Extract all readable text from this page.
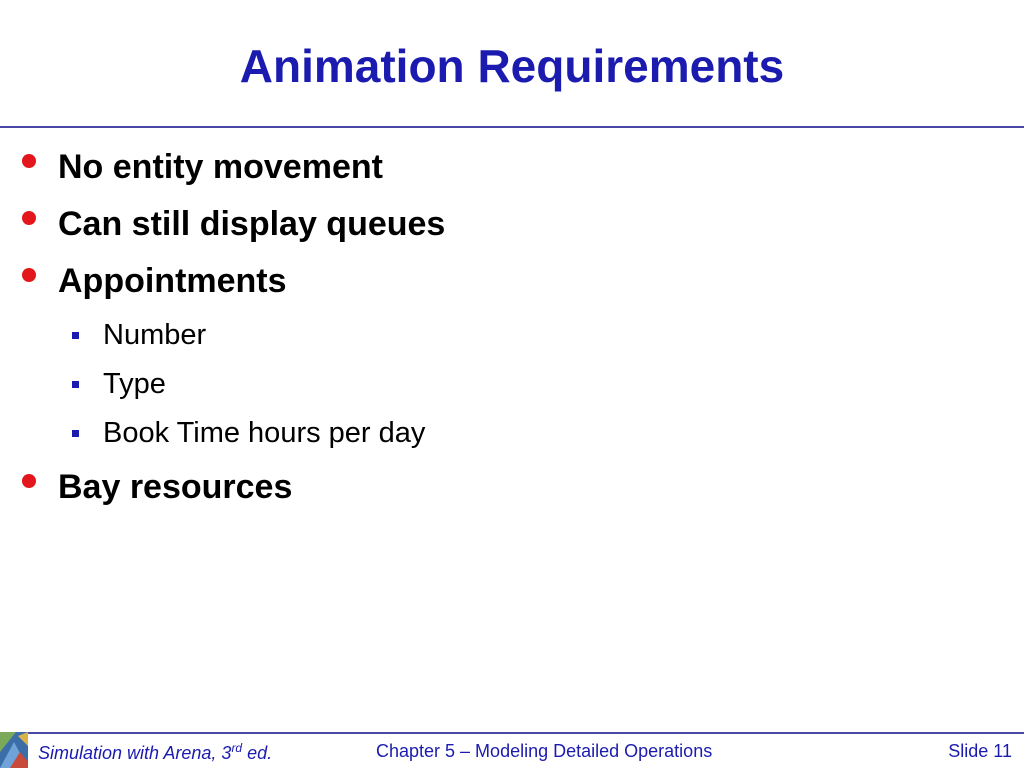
Animation Requirements
No entity movement
Can still display queues
Appointments
Number
Type
Book Time hours per day
Bay resources
Simulation with Arena, 3rd ed.	Chapter 5 – Modeling Detailed Operations	Slide 11
